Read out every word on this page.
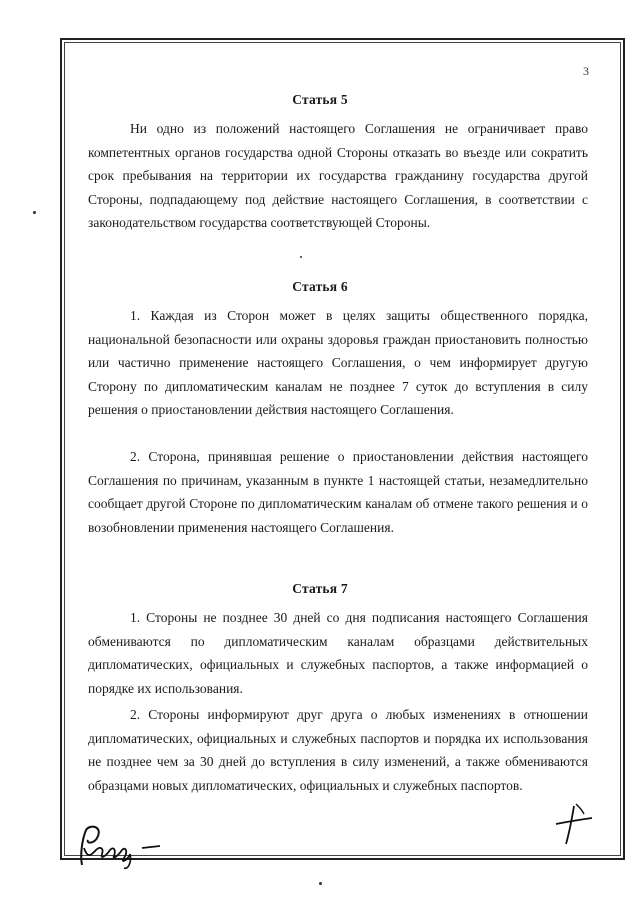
3
Статья 5

Ни одно из положений настоящего Соглашения не ограничивает право компетентных органов государства одной Стороны отказать во въезде или сократить срок пребывания на территории их государства гражданину государства другой Стороны, подпадающему под действие настоящего Соглашения, в соответствии с законодательством государства соответствующей Стороны.

Статья 6

1. Каждая из Сторон может в целях защиты общественного порядка, национальной безопасности или охраны здоровья граждан приостановить полностью или частично применение настоящего Соглашения, о чем информирует другую Сторону по дипломатическим каналам не позднее 7 суток до вступления в силу решения о приостановлении действия настоящего Соглашения.

2. Сторона, принявшая решение о приостановлении действия настоящего Соглашения по причинам, указанным в пункте 1 настоящей статьи, незамедлительно сообщает другой Стороне по дипломатическим каналам об отмене такого решения и о возобновлении применения настоящего Соглашения.

Статья 7

1. Стороны не позднее 30 дней со дня подписания настоящего Соглашения обмениваются по дипломатическим каналам образцами действительных дипломатических, официальных и служебных паспортов, а также информацией о порядке их использования.

2. Стороны информируют друг друга о любых изменениях в отношении дипломатических, официальных и служебных паспортов и порядка их использования не позднее чем за 30 дней до вступления в силу изменений, а также обмениваются образцами новых дипломатических, официальных и служебных паспортов.
